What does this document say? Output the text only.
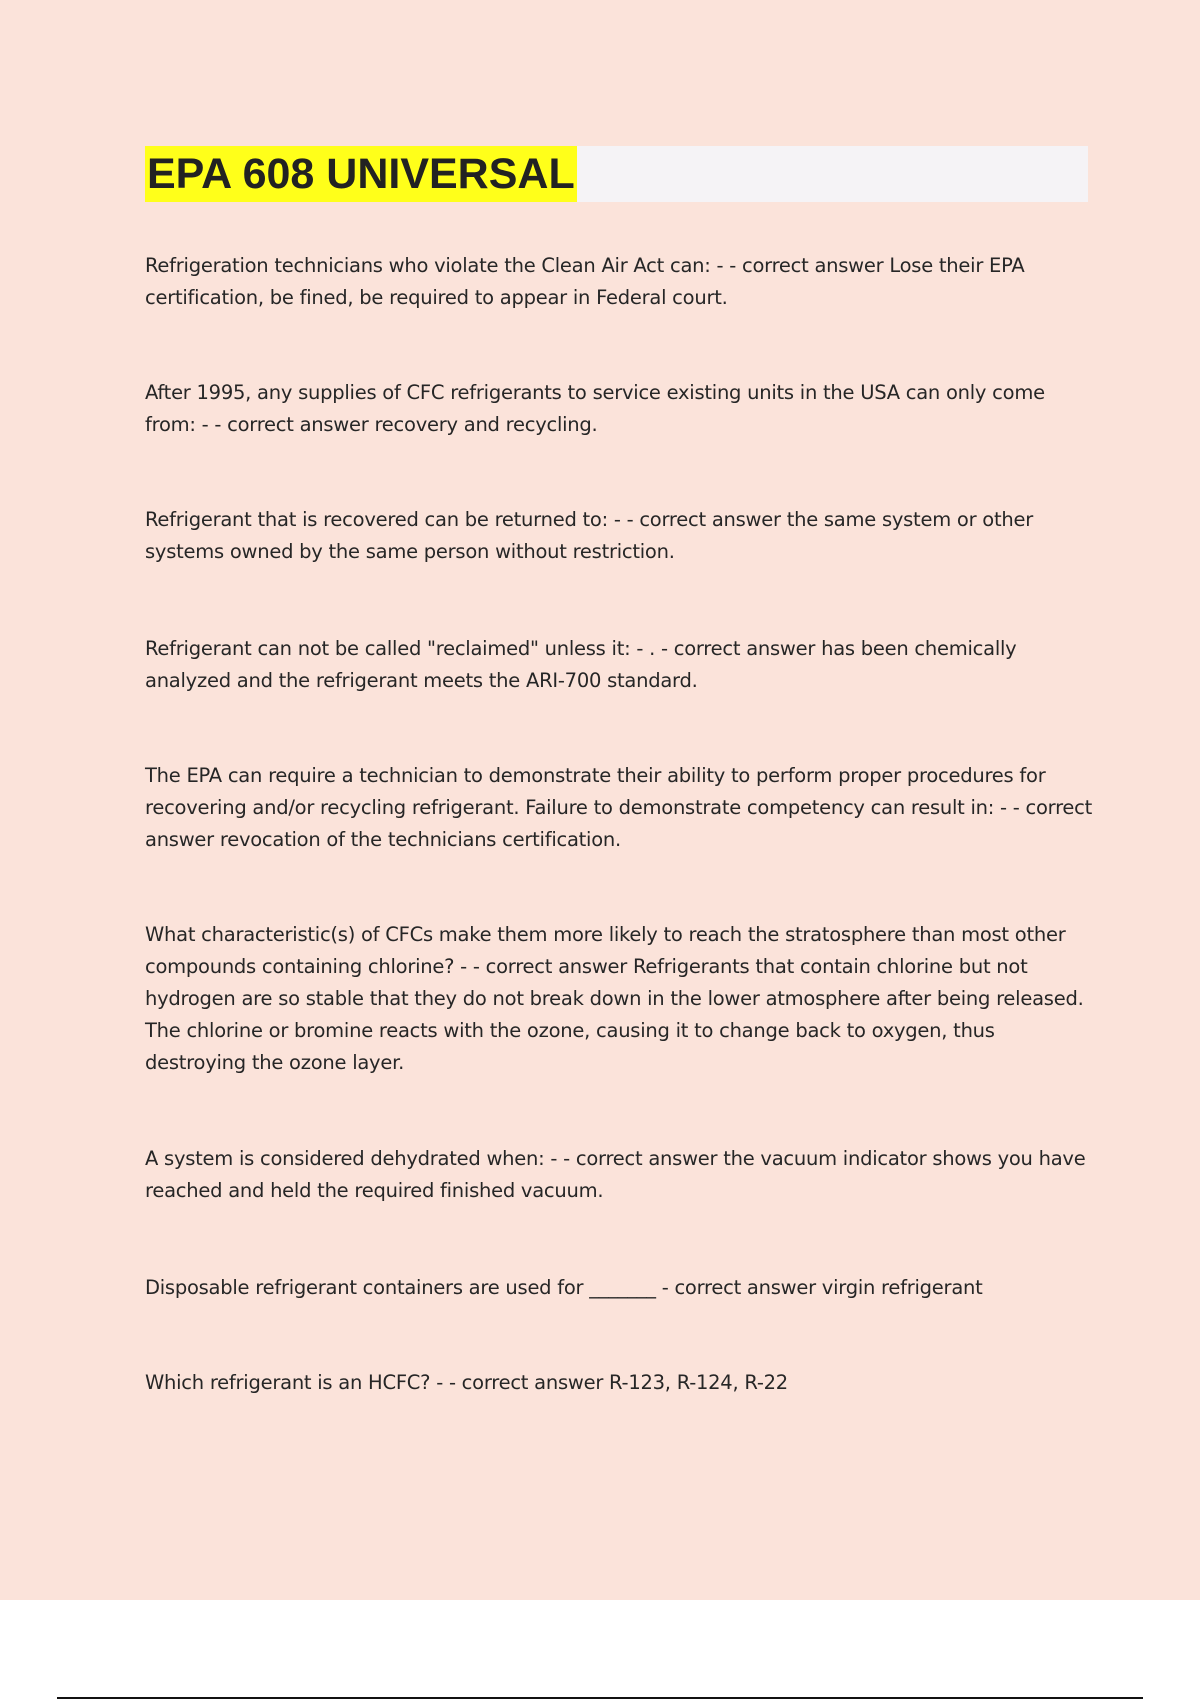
EPA 608 UNIVERSAL

Refrigeration technicians who violate the Clean Air Act can: - - correct answer Lose their EPA certification, be fined, be required to appear in Federal court.

After 1995, any supplies of CFC refrigerants to service existing units in the USA can only come from: - - correct answer recovery and recycling.

Refrigerant that is recovered can be returned to: - - correct answer the same system or other systems owned by the same person without restriction.

Refrigerant can not be called "reclaimed" unless it: - . - correct answer has been chemically analyzed and the refrigerant meets the ARI-700 standard.

The EPA can require a technician to demonstrate their ability to perform proper procedures for recovering and/or recycling refrigerant. Failure to demonstrate competency can result in: - - correct answer revocation of the technicians certification.

What characteristic(s) of CFCs make them more likely to reach the stratosphere than most other compounds containing chlorine? - - correct answer Refrigerants that contain chlorine but not hydrogen are so stable that they do not break down in the lower atmosphere after being released. The chlorine or bromine reacts with the ozone, causing it to change back to oxygen, thus destroying the ozone layer.

A system is considered dehydrated when: - - correct answer the vacuum indicator shows you have reached and held the required finished vacuum.

Disposable refrigerant containers are used for _______ - correct answer virgin refrigerant

Which refrigerant is an HCFC? - - correct answer R-123, R-124, R-22
